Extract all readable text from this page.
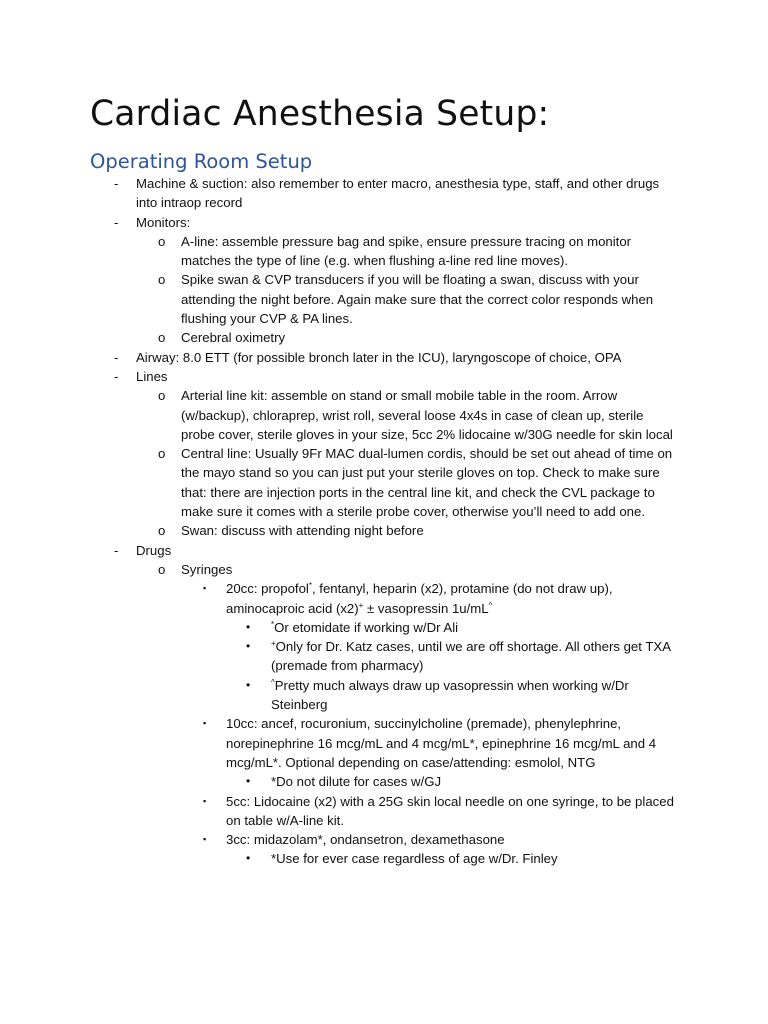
Cardiac Anesthesia Setup:
Operating Room Setup
- Machine & suction: also remember to enter macro, anesthesia type, staff, and other drugs into intraop record
- Monitors:
o A-line: assemble pressure bag and spike, ensure pressure tracing on monitor matches the type of line (e.g. when flushing a-line red line moves).
o Spike swan & CVP transducers if you will be floating a swan, discuss with your attending the night before. Again make sure that the correct color responds when flushing your CVP & PA lines.
o Cerebral oximetry
- Airway: 8.0 ETT (for possible bronch later in the ICU), laryngoscope of choice, OPA
- Lines
o Arterial line kit: assemble on stand or small mobile table in the room. Arrow (w/backup), chloraprep, wrist roll, several loose 4x4s in case of clean up, sterile probe cover, sterile gloves in your size, 5cc 2% lidocaine w/30G needle for skin local
o Central line: Usually 9Fr MAC dual-lumen cordis, should be set out ahead of time on the mayo stand so you can just put your sterile gloves on top. Check to make sure that: there are injection ports in the central line kit, and check the CVL package to make sure it comes with a sterile probe cover, otherwise you’ll need to add one.
o Swan: discuss with attending night before
- Drugs
o Syringes
▪ 20cc: propofol*, fentanyl, heparin (x2), protamine (do not draw up), aminocaproic acid (x2)+ ± vasopressin 1u/mL^
•	*Or etomidate if working w/Dr Ali
•	+Only for Dr. Katz cases, until we are off shortage. All others get TXA (premade from pharmacy)
•	^Pretty much always draw up vasopressin when working w/Dr Steinberg
▪ 10cc: ancef, rocuronium, succinylcholine (premade), phenylephrine, norepinephrine 16 mcg/mL and 4 mcg/mL*, epinephrine 16 mcg/mL and 4 mcg/mL*. Optional depending on case/attending: esmolol, NTG
• *Do not dilute for cases w/GJ
▪ 5cc: Lidocaine (x2) with a 25G skin local needle on one syringe, to be placed on table w/A-line kit.
▪ 3cc: midazolam*, ondansetron, dexamethasone
• *Use for ever case regardless of age w/Dr. Finley
